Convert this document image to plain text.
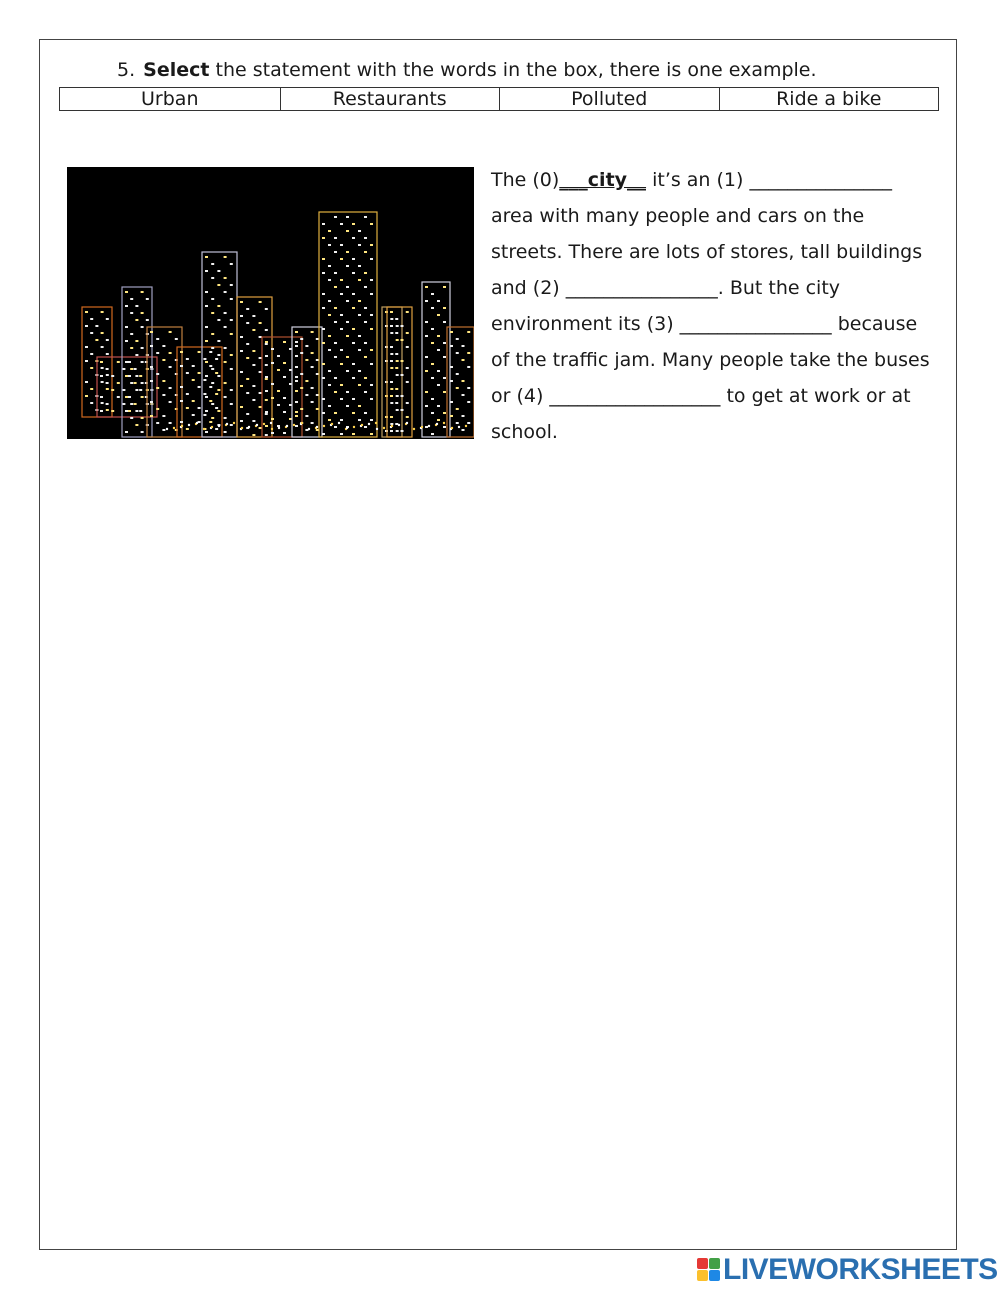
5. Select the statement with the words in the box, there is one example.
Urban	Restaurants	Polluted	Ride a bike
The (0)___city__ it’s an (1) _______________
area with many people and cars on the
streets. There are lots of stores, tall buildings
and (2) ________________. But the city
environment its (3) ________________ because
of the traffic jam. Many people take the buses
or (4) __________________ to get at work or at
school.
LIVEWORKSHEETS
